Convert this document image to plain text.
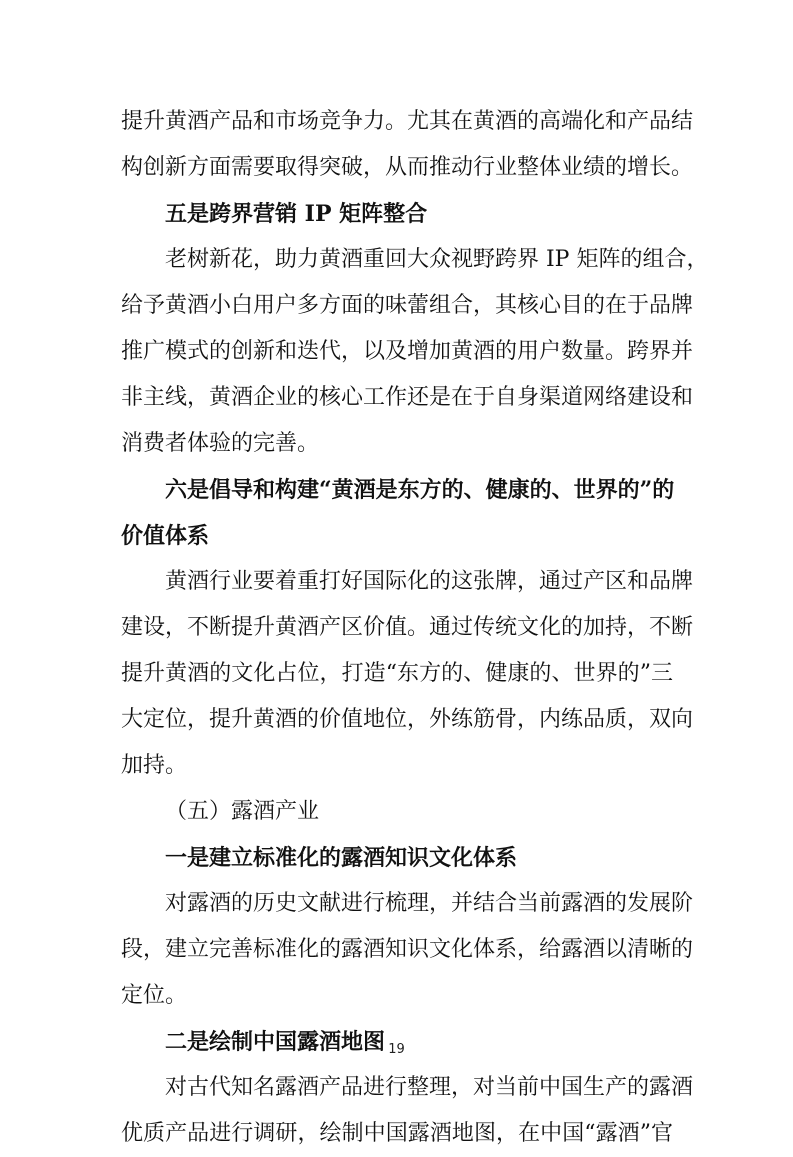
提升黄酒产品和市场竞争力。尤其在黄酒的高端化和产品结
构创新方面需要取得突破，从而推动行业整体业绩的增长。
五是跨界营销 IP 矩阵整合
老树新花，助力黄酒重回大众视野跨界 IP 矩阵的组合，
给予黄酒小白用户多方面的味蕾组合，其核心目的在于品牌
推广模式的创新和迭代，以及增加黄酒的用户数量。跨界并
非主线，黄酒企业的核心工作还是在于自身渠道网络建设和
消费者体验的完善。
六是倡导和构建“黄酒是东方的、健康的、世界的”的
价值体系
黄酒行业要着重打好国际化的这张牌，通过产区和品牌
建设，不断提升黄酒产区价值。通过传统文化的加持，不断
提升黄酒的文化占位，打造“东方的、健康的、世界的”三
大定位，提升黄酒的价值地位，外练筋骨，内练品质，双向
加持。
（五）露酒产业
一是建立标准化的露酒知识文化体系
对露酒的历史文献进行梳理，并结合当前露酒的发展阶
段，建立完善标准化的露酒知识文化体系，给露酒以清晰的
定位。
二是绘制中国露酒地图
对古代知名露酒产品进行整理，对当前中国生产的露酒
优质产品进行调研，绘制中国露酒地图，在中国“露酒”官
19
